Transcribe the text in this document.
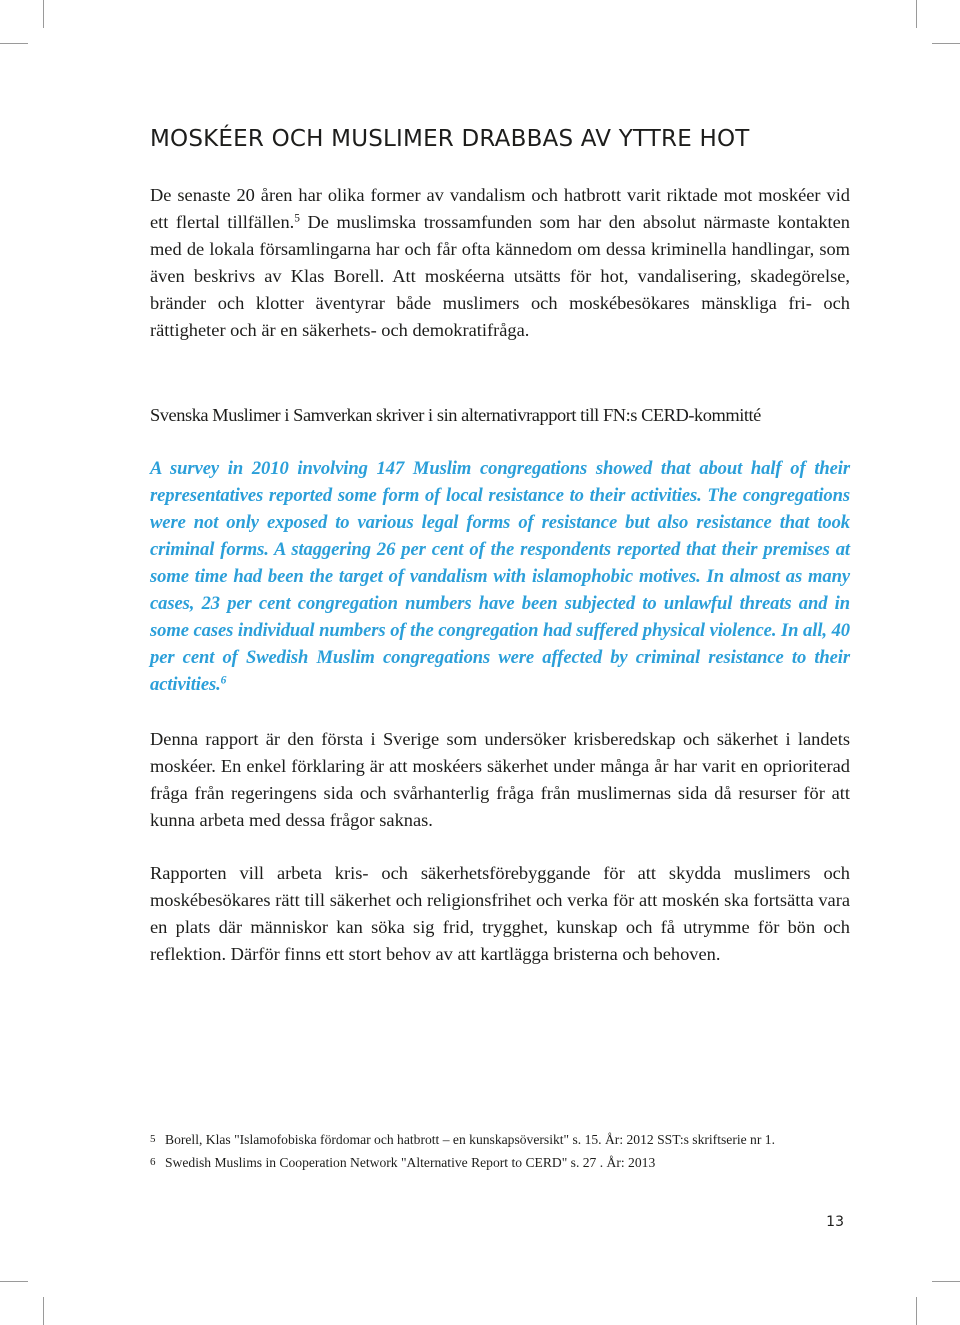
MOSKÉER OCH MUSLIMER DRABBAS AV YTTRE HOT

De senaste 20 åren har olika former av vandalism och hatbrott varit riktade mot moskéer vid ett flertal tillfällen.$^5$ De muslimska trossamfunden som har den absolut närmaste kontakten med de lokala församlingarna har och får ofta kännedom om dessa kriminella handlingar, som även beskrivs av Klas Borell. Att moskéerna utsätts för hot, vandalisering, skadegörelse, bränder och klotter äventyrar både muslimers och moskébesökares mänskliga fri- och rättigheter och är en säkerhets- och demokratifråga.

Svenska Muslimer i Samverkan skriver i sin alternativrapport till FN:s CERD-kommitté

A survey in 2010 involving 147 Muslim congregations showed that about half of their representatives reported some form of local resistance to their activities. The congregations were not only exposed to various legal forms of resistance but also resistance that took criminal forms. A staggering 26 per cent of the respondents reported that their premises at some time had been the target of vandalism with islamophobic motives. In almost as many cases, 23 per cent congregation numbers have been subjected to unlawful threats and in some cases individual numbers of the congregation had suffered physical violence. In all, 40 per cent of Swedish Muslim congregations were affected by criminal resistance to their activities.$^6$

Denna rapport är den första i Sverige som undersöker krisberedskap och säkerhet i landets moskéer. En enkel förklaring är att moskéers säkerhet under många år har varit en oprioriterad fråga från regeringens sida och svårhanterlig fråga från muslimernas sida då resurser för att kunna arbeta med dessa frågor saknas.

Rapporten vill arbeta kris- och säkerhetsförebyggande för att skydda muslimers och moskébesökares rätt till säkerhet och religionsfrihet och verka för att moskén ska fortsätta vara en plats där människor kan söka sig frid, trygghet, kunskap och få utrymme för bön och reflektion. Därför finns ett stort behov av att kartlägga bristerna och behoven.

5 Borell, Klas "Islamofobiska fördomar och hatbrott – en kunskapsöversikt" s. 15. År: 2012 SST:s skriftserie nr 1.
6 Swedish Muslims in Cooperation Network "Alternative Report to CERD" s. 27 . År: 2013
13
